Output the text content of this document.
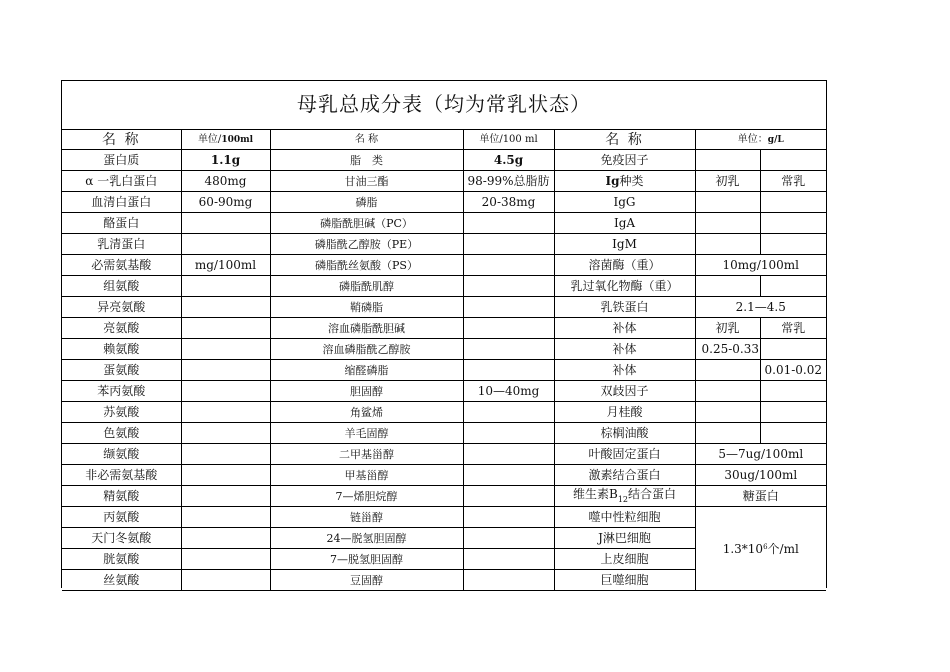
母乳总成分表（均为常乳状态）
名 称	单位/100ml	名 称	单位/100 ml	名 称	单位：g/L	
蛋白质	1.1g	脂　类	4.5g	免疫因子		
α 一乳白蛋白	480mg	甘油三酯	98-99%总脂肪	Ig种类	初乳	常乳
血清白蛋白	60-90mg	磷脂	20-38mg	IgG		
酪蛋白		磷脂酰胆碱（PC）		IgA		
乳清蛋白		磷脂酰乙醇胺（PE）		IgM		
必需氨基酸	mg/100ml	磷脂酰丝氨酸（PS）		溶菌酶（重）	10mg/100ml	
组氨酸		磷脂酰肌醇		乳过氧化物酶（重）		
异亮氨酸		鞘磷脂		乳铁蛋白	2.1—4.5	
亮氨酸		溶血磷脂酰胆碱		补体	初乳	常乳
赖氨酸		溶血磷脂酰乙醇胺		补体	0.25-0.33	
蛋氨酸		缩醛磷脂		补体		0.01-0.02
苯丙氨酸		胆固醇	10—40mg	双歧因子		
苏氨酸		角鲨烯		月桂酸		
色氨酸		羊毛固醇		棕榈油酸		
缬氨酸		二甲基甾醇		叶酸固定蛋白	5—7ug/100ml	
非必需氨基酸		甲基甾醇		激素结合蛋白	30ug/100ml	
精氨酸		7—烯胆烷醇		维生素$B_{12}$结合蛋白	糖蛋白	
丙氨酸		链甾醇		噬中性粒细胞	$1.3*10^6$个/ml	
天门冬氨酸		24—脱氢胆固醇		J淋巴细胞		
胱氨酸		7—脱氢胆固醇		上皮细胞		
丝氨酸		豆固醇		巨噬细胞		
